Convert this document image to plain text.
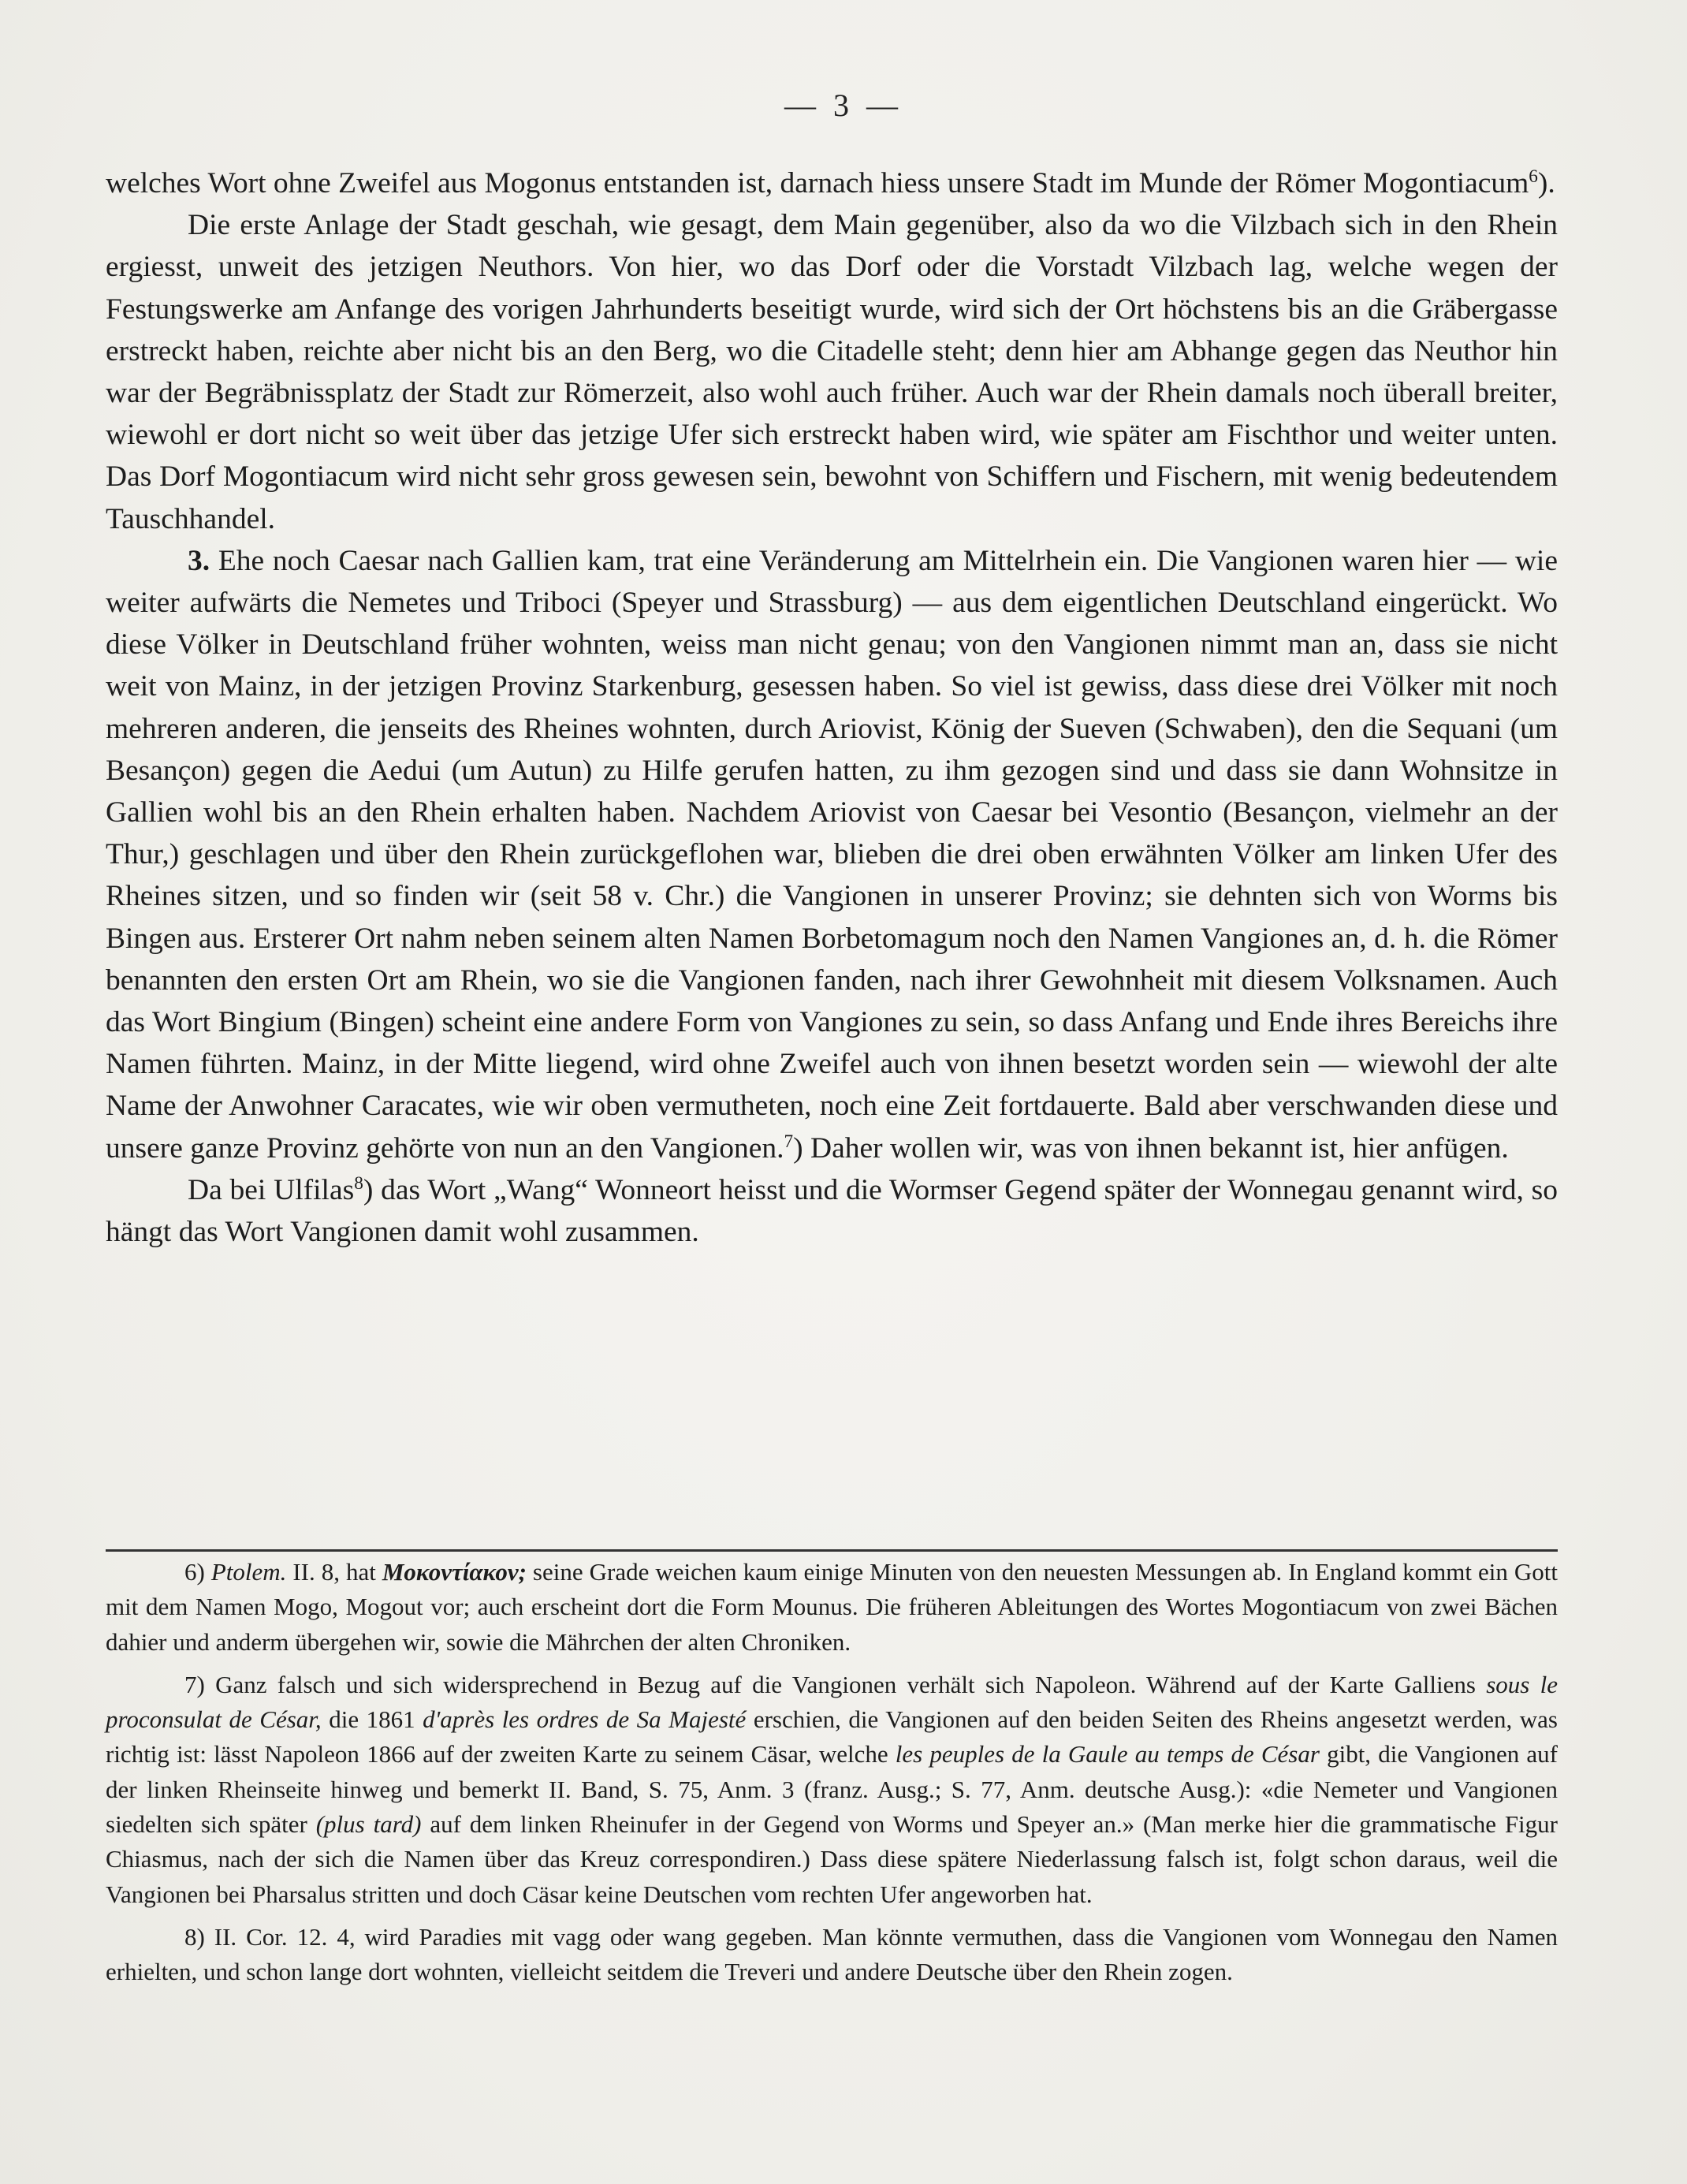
— 3 —

welches Wort ohne Zweifel aus Mogonus entstanden ist, darnach hiess unsere Stadt im Munde der Römer Mogontiacum$^6$).

Die erste Anlage der Stadt geschah, wie gesagt, dem Main gegenüber, also da wo die Vilzbach sich in den Rhein ergiesst, unweit des jetzigen Neuthors. Von hier, wo das Dorf oder die Vorstadt Vilzbach lag, welche wegen der Festungswerke am Anfange des vorigen Jahrhunderts beseitigt wurde, wird sich der Ort höchstens bis an die Gräbergasse erstreckt haben, reichte aber nicht bis an den Berg, wo die Citadelle steht; denn hier am Abhange gegen das Neuthor hin war der Begräbnissplatz der Stadt zur Römerzeit, also wohl auch früher. Auch war der Rhein damals noch überall breiter, wiewohl er dort nicht so weit über das jetzige Ufer sich erstreckt haben wird, wie später am Fischthor und weiter unten. Das Dorf Mogontiacum wird nicht sehr gross gewesen sein, bewohnt von Schiffern und Fischern, mit wenig bedeutendem Tauschhandel.

3. Ehe noch Caesar nach Gallien kam, trat eine Veränderung am Mittelrhein ein. Die Vangionen waren hier — wie weiter aufwärts die Nemetes und Triboci (Speyer und Strassburg) — aus dem eigentlichen Deutschland eingerückt. Wo diese Völker in Deutschland früher wohnten, weiss man nicht genau; von den Vangionen nimmt man an, dass sie nicht weit von Mainz, in der jetzigen Provinz Starkenburg, gesessen haben. So viel ist gewiss, dass diese drei Völker mit noch mehreren anderen, die jenseits des Rheines wohnten, durch Ariovist, König der Sueven (Schwaben), den die Sequani (um Besançon) gegen die Aedui (um Autun) zu Hilfe gerufen hatten, zu ihm gezogen sind und dass sie dann Wohnsitze in Gallien wohl bis an den Rhein erhalten haben. Nachdem Ariovist von Caesar bei Vesontio (Besançon, vielmehr an der Thur,) geschlagen und über den Rhein zurückgeflohen war, blieben die drei oben erwähnten Völker am linken Ufer des Rheines sitzen, und so finden wir (seit 58 v. Chr.) die Vangionen in unserer Provinz; sie dehnten sich von Worms bis Bingen aus. Ersterer Ort nahm neben seinem alten Namen Borbetomagum noch den Namen Vangiones an, d. h. die Römer benannten den ersten Ort am Rhein, wo sie die Vangionen fanden, nach ihrer Gewohnheit mit diesem Volksnamen. Auch das Wort Bingium (Bingen) scheint eine andere Form von Vangiones zu sein, so dass Anfang und Ende ihres Bereichs ihre Namen führten. Mainz, in der Mitte liegend, wird ohne Zweifel auch von ihnen besetzt worden sein — wiewohl der alte Name der Anwohner Caracates, wie wir oben vermutheten, noch eine Zeit fortdauerte. Bald aber verschwanden diese und unsere ganze Provinz gehörte von nun an den Vangionen.$^7$) Daher wollen wir, was von ihnen bekannt ist, hier anfügen.

Da bei Ulfilas$^8$) das Wort „Wang“ Wonneort heisst und die Wormser Gegend später der Wonnegau genannt wird, so hängt das Wort Vangionen damit wohl zusammen.

6) Ptolem. II. 8, hat Μοκοντίακον; seine Grade weichen kaum einige Minuten von den neuesten Messungen ab. In England kommt ein Gott mit dem Namen Mogo, Mogout vor; auch erscheint dort die Form Mounus. Die früheren Ableitungen des Wortes Mogontiacum von zwei Bächen dahier und anderm übergehen wir, sowie die Mährchen der alten Chroniken.

7) Ganz falsch und sich widersprechend in Bezug auf die Vangionen verhält sich Napoleon. Während auf der Karte Galliens sous le proconsulat de César, die 1861 d'après les ordres de Sa Majesté erschien, die Vangionen auf den beiden Seiten des Rheins angesetzt werden, was richtig ist: lässt Napoleon 1866 auf der zweiten Karte zu seinem Cäsar, welche les peuples de la Gaule au temps de César gibt, die Vangionen auf der linken Rheinseite hinweg und bemerkt II. Band, S. 75, Anm. 3 (franz. Ausg.; S. 77, Anm. deutsche Ausg.): «die Nemeter und Vangionen siedelten sich später (plus tard) auf dem linken Rheinufer in der Gegend von Worms und Speyer an.» (Man merke hier die grammatische Figur Chiasmus, nach der sich die Namen über das Kreuz correspondiren.) Dass diese spätere Niederlassung falsch ist, folgt schon daraus, weil die Vangionen bei Pharsalus stritten und doch Cäsar keine Deutschen vom rechten Ufer angeworben hat.

8) II. Cor. 12. 4, wird Paradies mit vagg oder wang gegeben. Man könnte vermuthen, dass die Vangionen vom Wonnegau den Namen erhielten, und schon lange dort wohnten, vielleicht seitdem die Treveri und andere Deutsche über den Rhein zogen.
